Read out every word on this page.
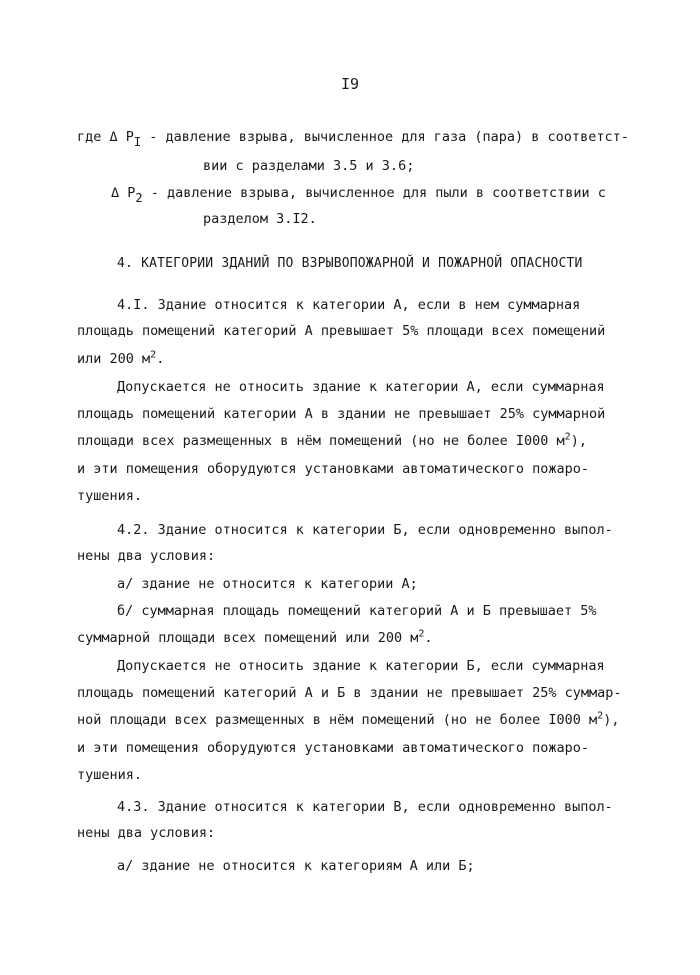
I9
где Δ PI - давление взрыва, вычисленное для газа (пара) в соответст-
вии с разделами 3.5 и 3.6;
Δ P2 - давление взрыва, вычисленное для пыли в соответствии с
разделом 3.I2.
4. КАТЕГОРИИ ЗДАНИЙ ПО ВЗРЫВОПОЖАРНОЙ И ПОЖАРНОЙ ОПАСНОСТИ
4.I. Здание относится к категории А, если в нем суммарная
площадь помещений категорий А превышает 5% площади всех помещений
или 200 $м^2$.
Допускается не относить здание к категории А, если суммарная
площадь помещений категории А в здании не превышает 25% суммарной
площади всех размещенных в нём помещений (но не более I000 $м^2$),
и эти помещения оборудуются установками автоматического пожаро-
тушения.
4.2. Здание относится к категории Б, если одновременно выпол-
нены два условия:
а/ здание не относится к категории А;
б/ суммарная площадь помещений категорий А и Б превышает 5%
суммарной площади всех помещений или 200 $м^2$.
Допускается не относить здание к категории Б, если суммарная
площадь помещений категорий А и Б в здании не превышает 25% суммар-
ной площади всех размещенных в нём помещений (но не более I000 $м^2$),
и эти помещения оборудуются установками автоматического пожаро-
тушения.
4.3. Здание относится к категории В, если одновременно выпол-
нены два условия:
а/ здание не относится к категориям А или Б;
